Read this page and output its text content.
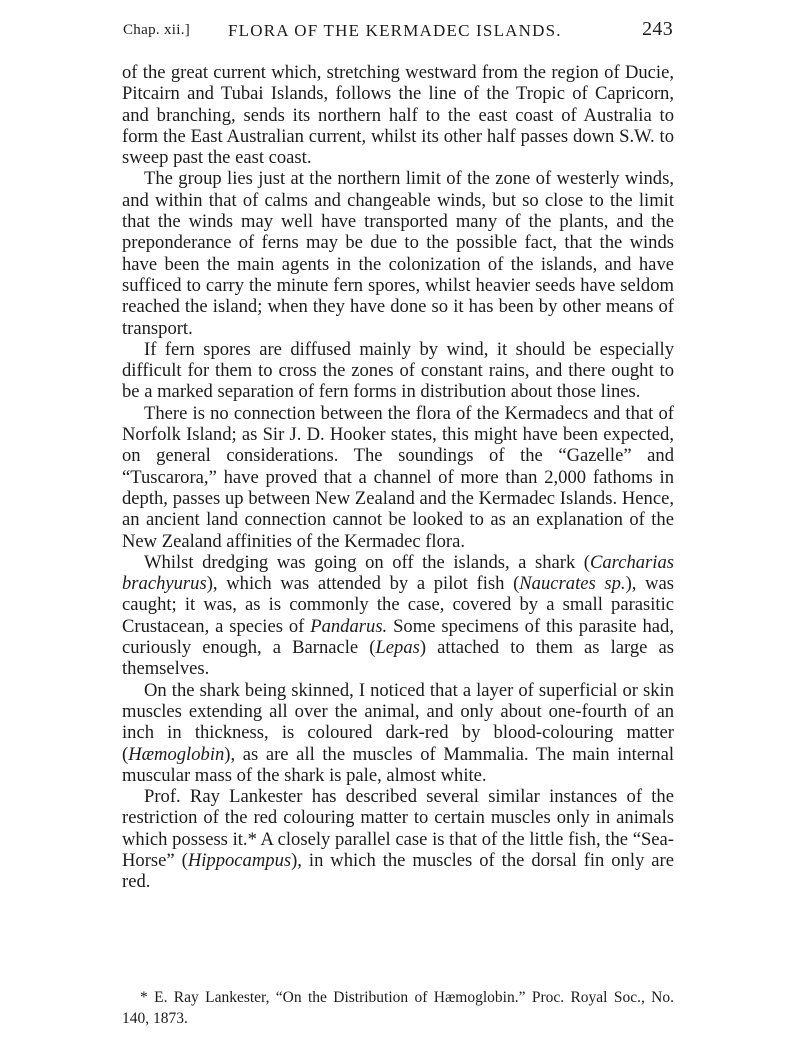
Chap. xii.] FLORA OF THE KERMADEC ISLANDS.	243

of the great current which, stretching westward from the region of Ducie, Pitcairn and Tubai Islands, follows the line of the Tropic of Capricorn, and branching, sends its northern half to the east coast of Australia to form the East Australian current, whilst its other half passes down S.W. to sweep past the east coast.

The group lies just at the northern limit of the zone of westerly winds, and within that of calms and changeable winds, but so close to the limit that the winds may well have transported many of the plants, and the preponderance of ferns may be due to the possible fact, that the winds have been the main agents in the colonization of the islands, and have sufficed to carry the minute fern spores, whilst heavier seeds have seldom reached the island; when they have done so it has been by other means of transport.

If fern spores are diffused mainly by wind, it should be especially difficult for them to cross the zones of constant rains, and there ought to be a marked separation of fern forms in distribution about those lines.

There is no connection between the flora of the Kermadecs and that of Norfolk Island; as Sir J. D. Hooker states, this might have been expected, on general considerations. The soundings of the “Gazelle” and “Tuscarora,” have proved that a channel of more than 2,000 fathoms in depth, passes up between New Zealand and the Kermadec Islands. Hence, an ancient land connection cannot be looked to as an explanation of the New Zealand affinities of the Kermadec flora.

Whilst dredging was going on off the islands, a shark (Carcharias brachyurus), which was attended by a pilot fish (Naucrates sp.), was caught; it was, as is commonly the case, covered by a small parasitic Crustacean, a species of Pandarus. Some specimens of this parasite had, curiously enough, a Barnacle (Lepas) attached to them as large as themselves.

On the shark being skinned, I noticed that a layer of superficial or skin muscles extending all over the animal, and only about one-fourth of an inch in thickness, is coloured dark-red by blood-colouring matter (Hæmoglobin), as are all the muscles of Mammalia. The main internal muscular mass of the shark is pale, almost white.

Prof. Ray Lankester has described several similar instances of the restriction of the red colouring matter to certain muscles only in animals which possess it.* A closely parallel case is that of the little fish, the “Sea-Horse” (Hippocampus), in which the muscles of the dorsal fin only are red.

* E. Ray Lankester, “On the Distribution of Hæmoglobin.” Proc. Royal Soc., No. 140, 1873.
